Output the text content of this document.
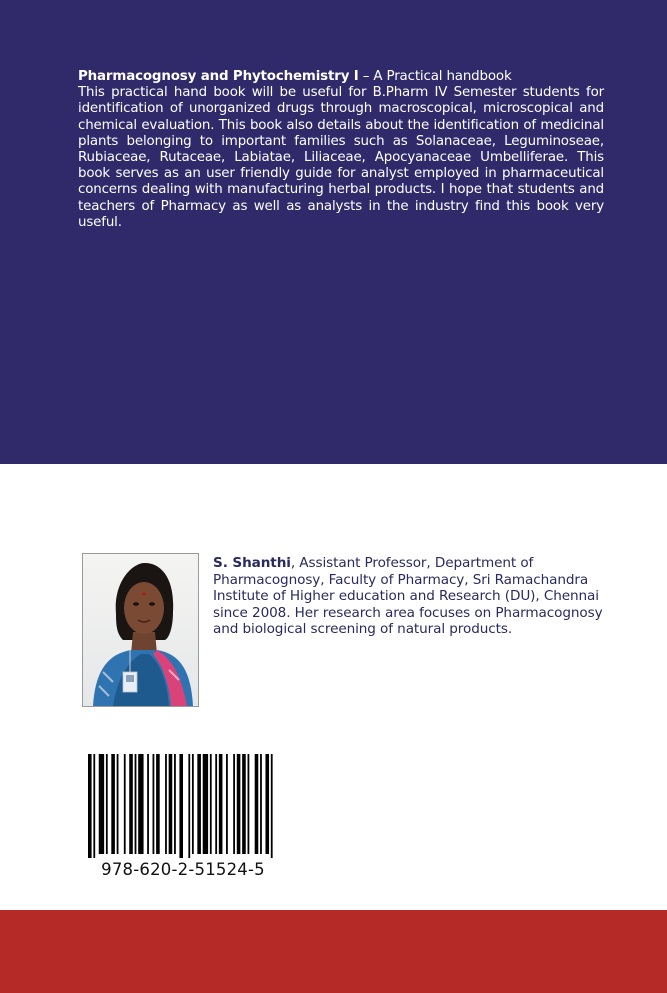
Pharmacognosy and Phytochemistry I – A Practical handbook
This practical hand book will be useful for B.Pharm IV Semester students for identification of unorganized drugs through macroscopical, microscopical and chemical evaluation. This book also details about the identification of medicinal plants belonging to important families such as Solanaceae, Leguminoseae, Rubiaceae, Rutaceae, Labiatae, Liliaceae, Apocyanaceae Umbelliferae. This book serves as an user friendly guide for analyst employed in pharmaceutical concerns dealing with manufacturing herbal products. I hope that students and teachers of Pharmacy as well as analysts in the industry find this book very useful.
S. Shanthi, Assistant Professor, Department of Pharmacognosy, Faculty of Pharmacy, Sri Ramachandra Institute of Higher education and Research (DU), Chennai since 2008. Her research area focuses on Pharmacognosy and biological screening of natural products.
978-620-2-51524-5
